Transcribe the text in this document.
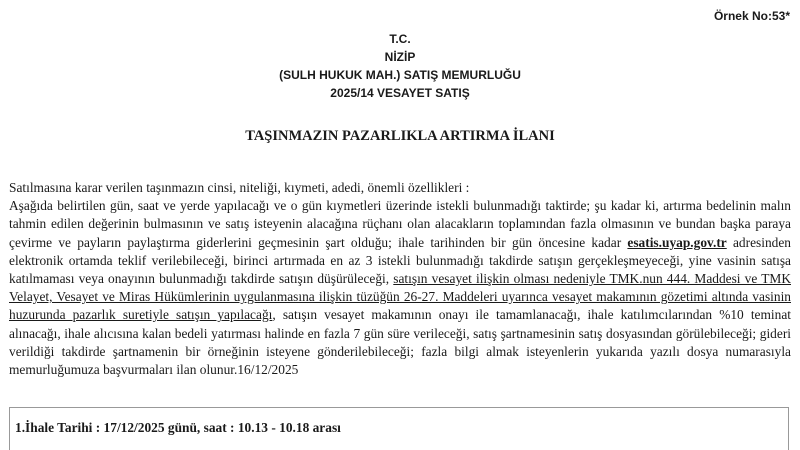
Örnek No:53*
T.C.
NİZİP
(SULH HUKUK MAH.) SATIŞ MEMURLUĞU
2025/14 VESAYET SATIŞ
TAŞINMAZIN PAZARLIKLA ARTIRMA İLANI

Satılmasına karar verilen taşınmazın cinsi, niteliği, kıymeti, adedi, önemli özellikleri :

Aşağıda belirtilen gün, saat ve yerde yapılacağı ve o gün kıymetleri üzerinde istekli bulunmadığı taktirde; şu kadar ki, artırma bedelinin malın tahmin edilen değerinin bulmasının ve satış isteyenin alacağına rüçhanı olan alacakların toplamından fazla olmasının ve bundan başka paraya çevirme ve payların paylaştırma giderlerini geçmesinin şart olduğu; ihale tarihinden bir gün öncesine kadar esatis.uyap.gov.tr adresinden elektronik ortamda teklif verilebileceği, birinci artırmada en az 3 istekli bulunmadığı takdirde satışın gerçekleşmeyeceği, yine vasinin satışa katılmaması veya onayının bulunmadığı takdirde satışın düşürüleceği, satışın vesayet ilişkin olması nedeniyle TMK.nun 444. Maddesi ve TMK Velayet, Vesayet ve Miras Hükümlerinin uygulanmasına ilişkin tüzüğün 26-27. Maddeleri uyarınca vesayet makamının gözetimi altında vasinin huzurunda pazarlık suretiyle satışın yapılacağı, satışın vesayet makamının onayı ile tamamlanacağı, ihale katılımcılarından %10 teminat alınacağı, ihale alıcısına kalan bedeli yatırması halinde en fazla 7 gün süre verileceği, satış şartnamesinin satış dosyasından görülebileceği; gideri verildiği takdirde şartnamenin bir örneğinin isteyene gönderilebileceği; fazla bilgi almak isteyenlerin yukarıda yazılı dosya numarasıyla memurluğumuza başvurmaları ilan olunur.16/12/2025

1.İhale Tarihi : 17/12/2025 günü, saat : 10.13 - 10.18 arası
